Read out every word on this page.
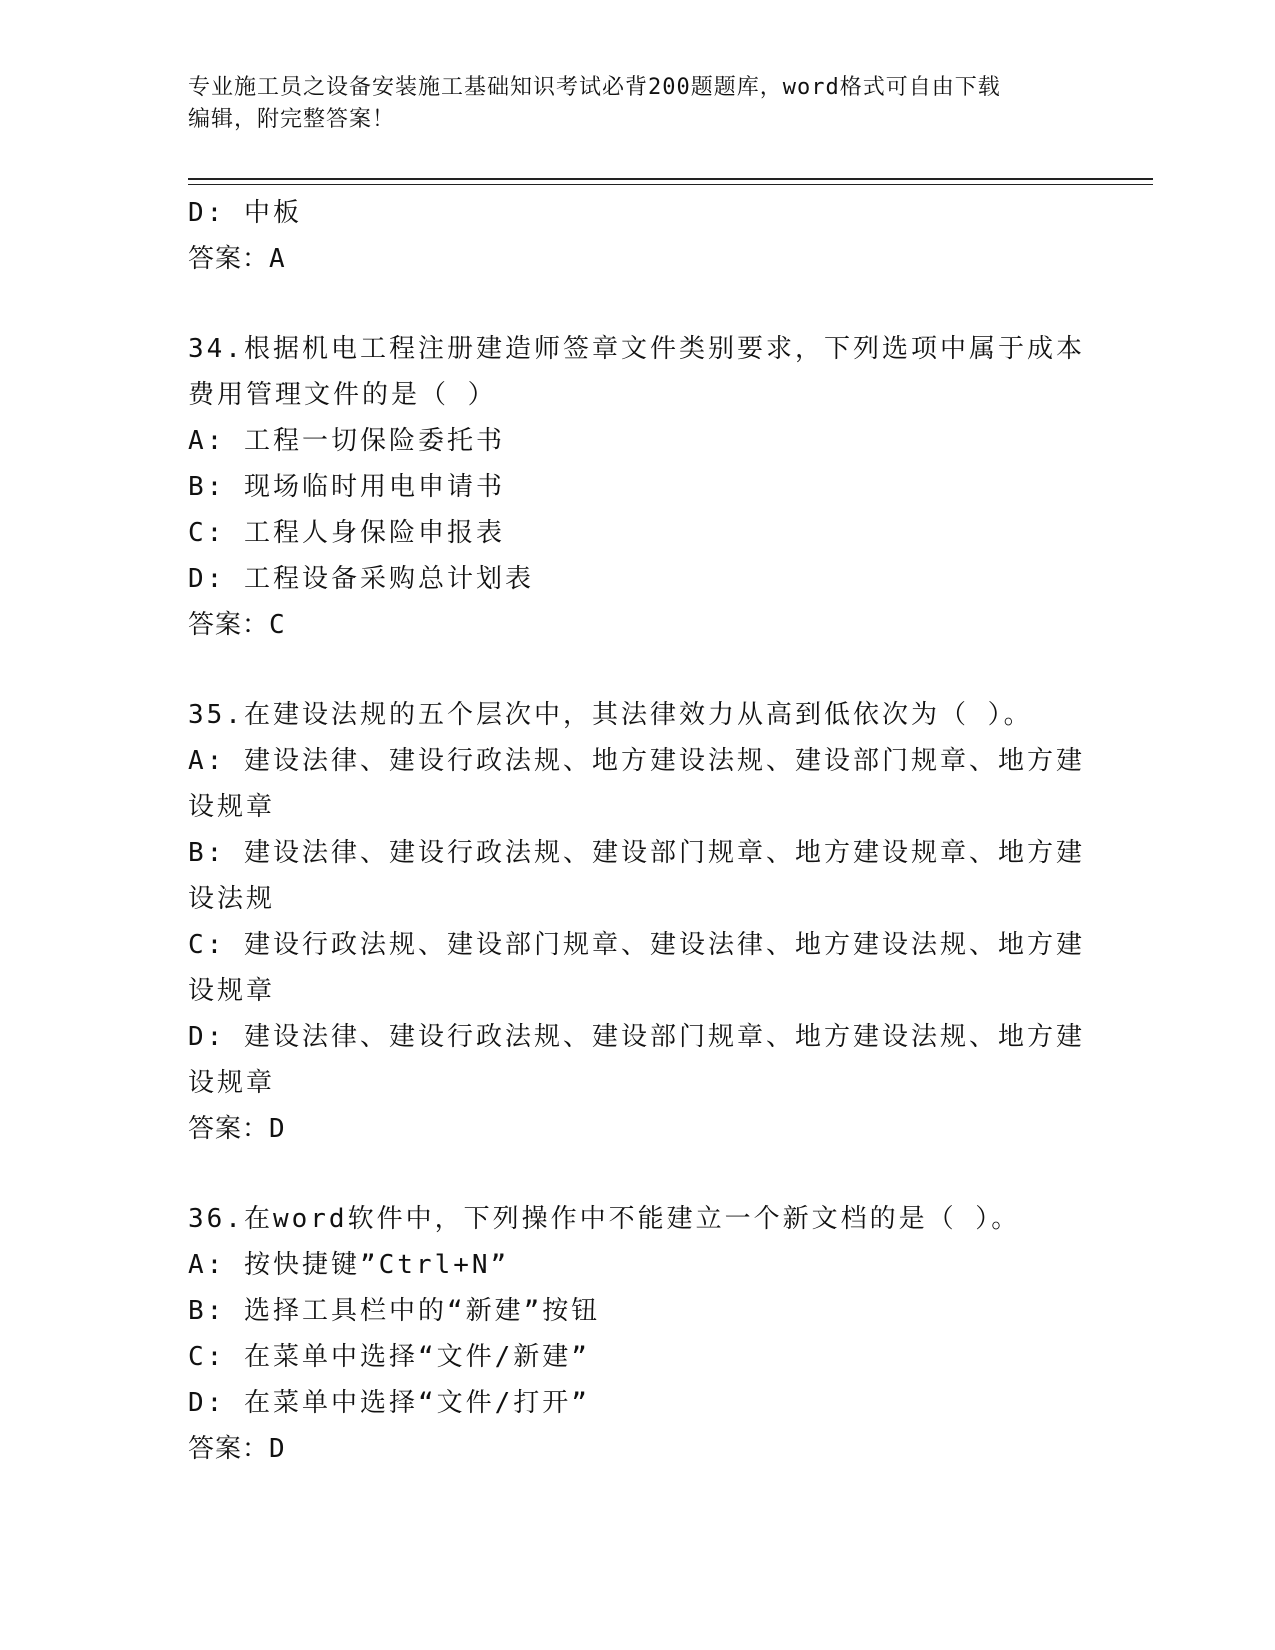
专业施工员之设备安装施工基础知识考试必背200题题库，word格式可自由下载
编辑，附完整答案！
D: 中板
答案：A
34.根据机电工程注册建造师签章文件类别要求，下列选项中属于成本
费用管理文件的是（ ）
A: 工程一切保险委托书
B: 现场临时用电申请书
C: 工程人身保险申报表
D: 工程设备采购总计划表
答案：C
35.在建设法规的五个层次中，其法律效力从高到低依次为（ ）。
A: 建设法律、建设行政法规、地方建设法规、建设部门规章、地方建
设规章
B: 建设法律、建设行政法规、建设部门规章、地方建设规章、地方建
设法规
C: 建设行政法规、建设部门规章、建设法律、地方建设法规、地方建
设规章
D: 建设法律、建设行政法规、建设部门规章、地方建设法规、地方建
设规章
答案：D
36.在word软件中，下列操作中不能建立一个新文档的是（ ）。
A: 按快捷键”Ctrl+N”
B: 选择工具栏中的“新建”按钮
C: 在菜单中选择“文件/新建”
D: 在菜单中选择“文件/打开”
答案：D
